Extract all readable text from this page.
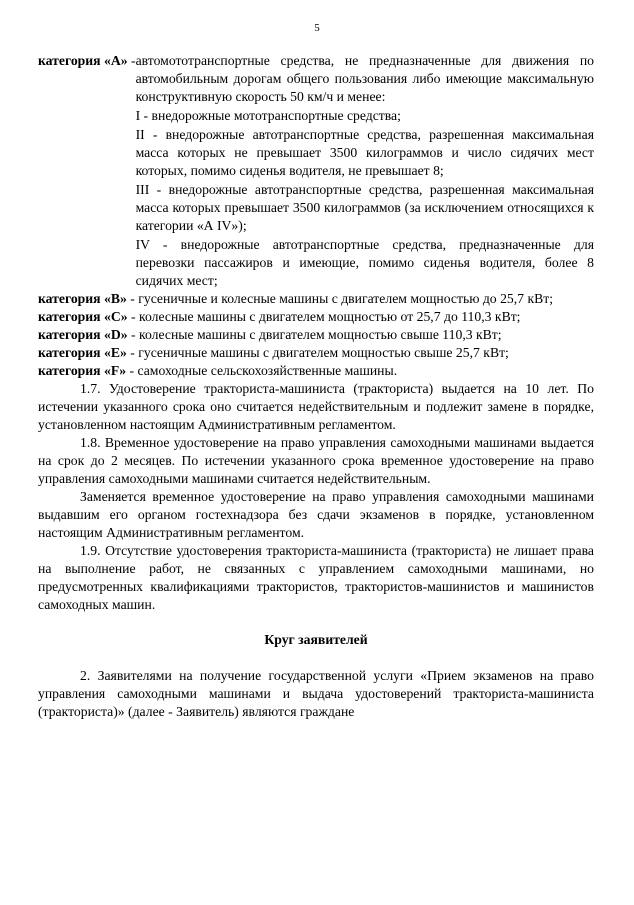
5
категория «А» - автомототранспортные средства, не предназначенные для движения по автомобильным дорогам общего пользования либо имеющие максимальную конструктивную скорость 50 км/ч и менее:
I - внедорожные мототранспортные средства;
II - внедорожные автотранспортные средства, разрешенная максимальная масса которых не превышает 3500 килограммов и число сидячих мест которых, помимо сиденья водителя, не превышает 8;
III - внедорожные автотранспортные средства, разрешенная максимальная масса которых превышает 3500 килограммов (за исключением относящихся к категории «А IV»);
IV - внедорожные автотранспортные средства, предназначенные для перевозки пассажиров и имеющие, помимо сиденья водителя, более 8 сидячих мест;
категория «В» - гусеничные и колесные машины с двигателем мощностью до 25,7 кВт;
категория «С» - колесные машины с двигателем мощностью от 25,7 до 110,3 кВт;
категория «D» - колесные машины с двигателем мощностью свыше 110,3 кВт;
категория «Е» - гусеничные машины с двигателем мощностью свыше 25,7 кВт;
категория «F» - самоходные сельскохозяйственные машины.

1.7. Удостоверение тракториста-машиниста (тракториста) выдается на 10 лет. По истечении указанного срока оно считается недействительным и подлежит замене в порядке, установленном настоящим Административным регламентом.

1.8. Временное удостоверение на право управления самоходными машинами выдается на срок до 2 месяцев. По истечении указанного срока временное удостоверение на право управления самоходными машинами считается недействительным.

Заменяется временное удостоверение на право управления самоходными машинами выдавшим его органом гостехнадзора без сдачи экзаменов в порядке, установленном настоящим Административным регламентом.

1.9. Отсутствие удостоверения тракториста-машиниста (тракториста) не лишает права на выполнение работ, не связанных с управлением самоходными машинами, но предусмотренных квалификациями трактористов, трактористов-машинистов и машинистов самоходных машин.

Круг заявителей

2. Заявителями на получение государственной услуги «Прием экзаменов на право управления самоходными машинами и выдача удостоверений тракториста-машиниста (тракториста)» (далее - Заявитель) являются граждане
